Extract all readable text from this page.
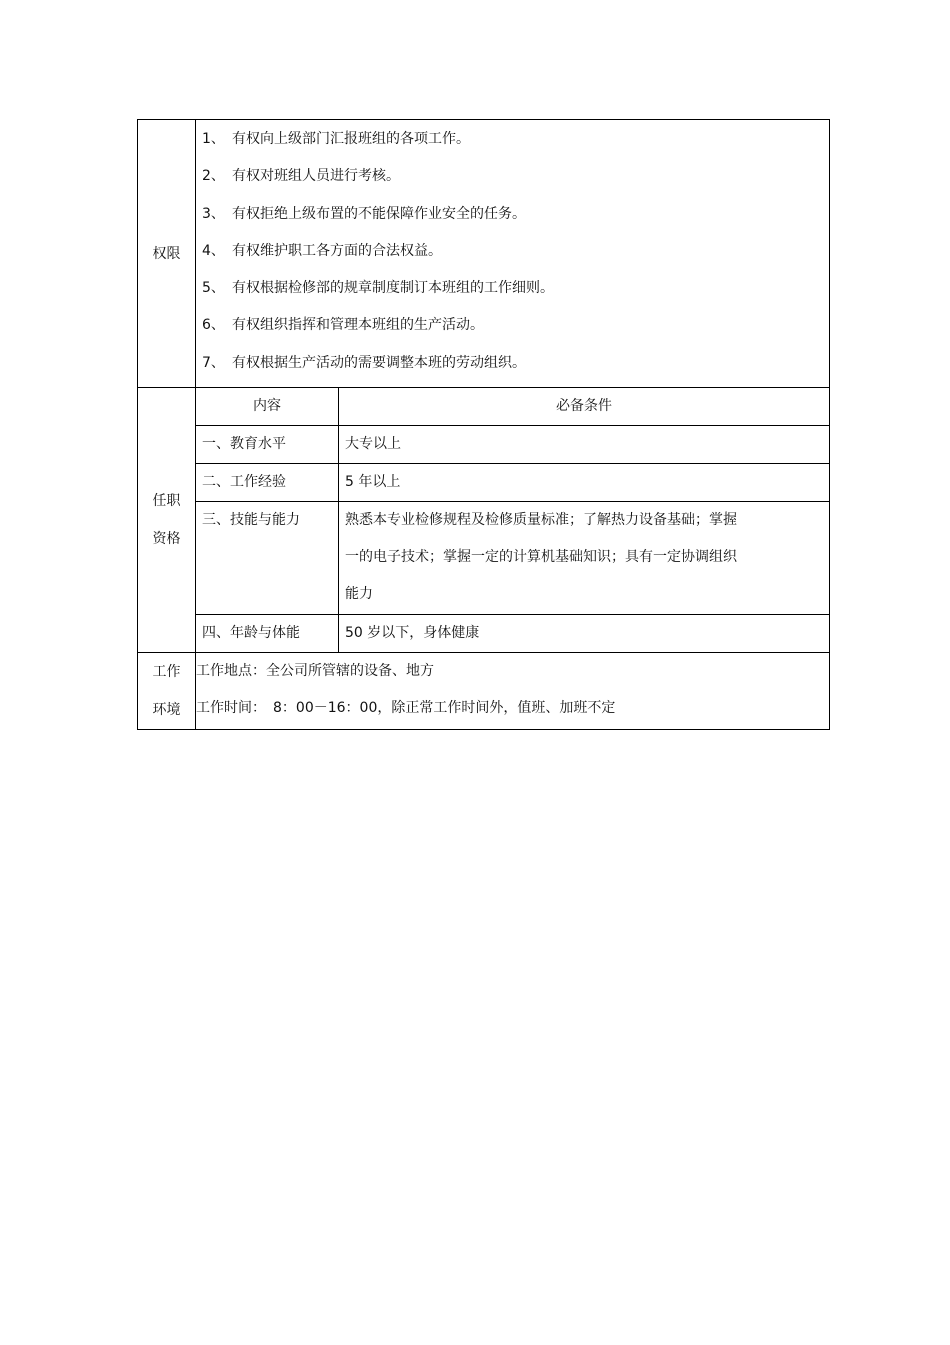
权限	
1、 有权向上级部门汇报班组的各项工作。
2、 有权对班组人员进行考核。
3、 有权拒绝上级布置的不能保障作业安全的任务。
4、 有权维护职工各方面的合法权益。
5、 有权根据检修部的规章制度制订本班组的工作细则。
6、 有权组织指挥和管理本班组的生产活动。
7、 有权根据生产活动的需要调整本班的劳动组织。

任职
资格

内容	必备条件
一、教育水平	大专以上
二、工作经验	5 年以上
三、技能与能力	熟悉本专业检修规程及检修质量标准；了解热力设备基础；掌握
一的电子技术；掌握一定的计算机基础知识；具有一定协调组织
能力

四、年龄与体能	50 岁以下，身体健康

工作
环境

工作地点：全公司所管辖的设备、地方
工作时间：　8：00－16：00，除正常工作时间外，值班、加班不定
